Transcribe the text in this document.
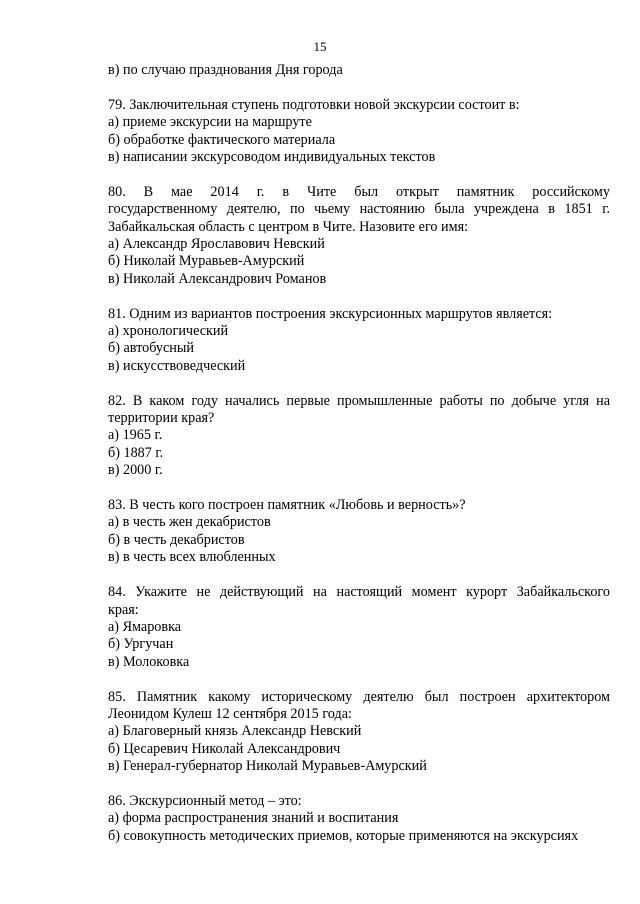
15

в) по случаю празднования Дня города

79. Заключительная ступень подготовки новой экскурсии состоит в:

а) приеме экскурсии на маршруте

б) обработке фактического материала

в) написании экскурсоводом индивидуальных текстов

80. В мае 2014 г. в Чите был открыт памятник российскому

государственному деятелю, по чьему настоянию была учреждена в 1851 г.

Забайкальская область с центром в Чите. Назовите его имя:

а) Александр Ярославович Невский

б) Николай Муравьев-Амурский

в) Николай Александрович Романов

81. Одним из вариантов построения экскурсионных маршрутов является:

а) хронологический

б) автобусный

в) искусствоведческий

82. В каком году начались первые промышленные работы по добыче угля на

территории края?

а) 1965 г.

б) 1887 г.

в) 2000 г.

83. В честь кого построен памятник «Любовь и верность»?

а) в честь жен декабристов

б) в честь декабристов

в) в честь всех влюбленных

84. Укажите не действующий на настоящий момент курорт Забайкальского

края:

а) Ямаровка

б) Ургучан

в) Молоковка

85. Памятник какому историческому деятелю был построен архитектором

Леонидом Кулеш 12 сентября 2015 года:

а) Благоверный князь Александр Невский

б) Цесаревич Николай Александрович

в) Генерал-губернатор Николай Муравьев-Амурский

86. Экскурсионный метод – это:

а) форма распространения знаний и воспитания

б) совокупность методических приемов, которые применяются на экскурсиях
